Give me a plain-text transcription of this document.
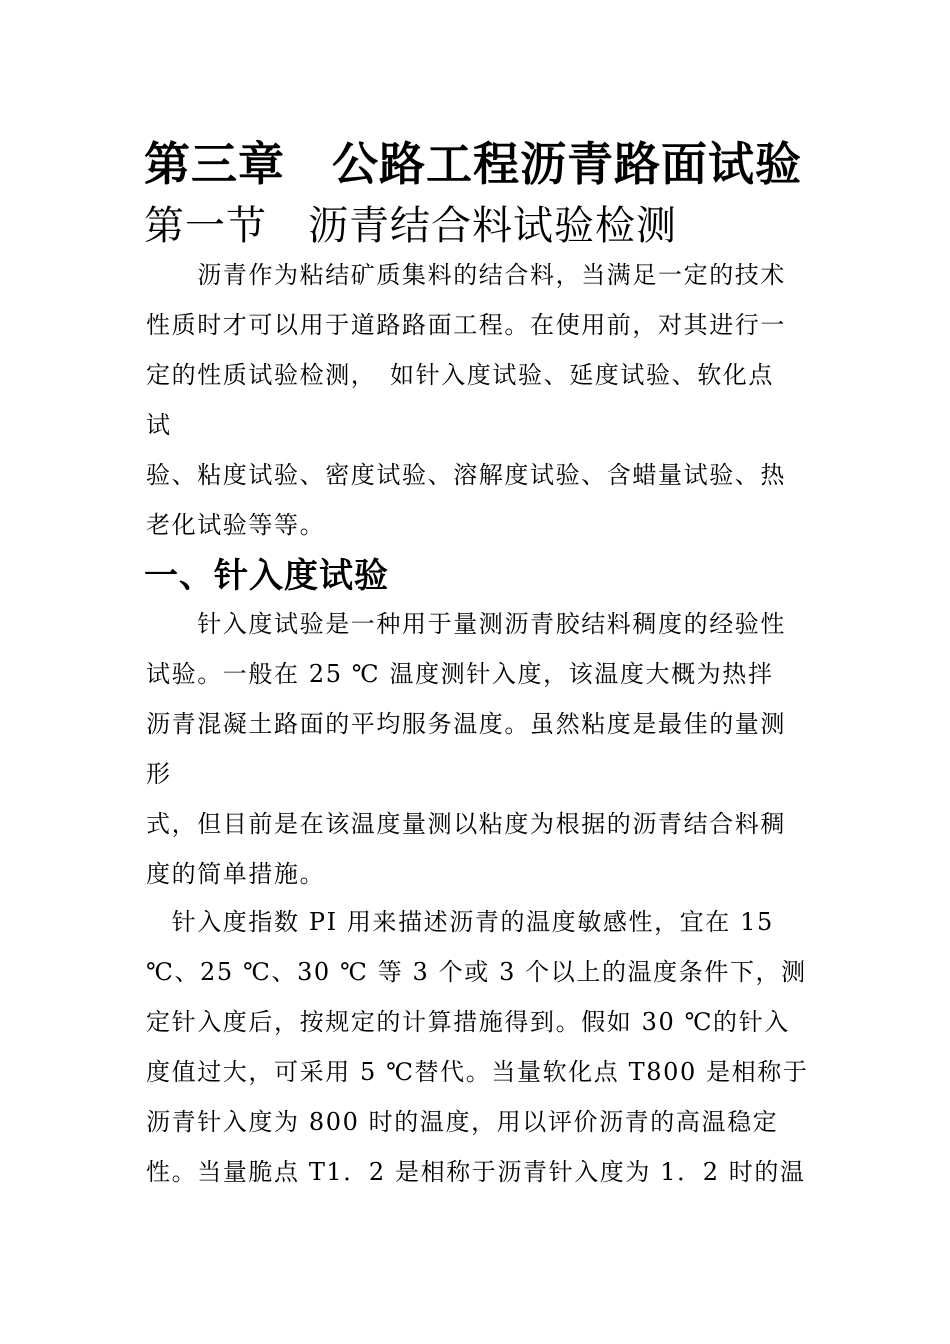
第三章　公路工程沥青路面试验
第一节　沥青结合料试验检测
　　沥青作为粘结矿质集料的结合料，当满足一定的技术
性质时才可以用于道路路面工程。在使用前，对其进行一
定的性质试验检测，　如针入度试验、延度试验、软化点
试
验、粘度试验、密度试验、溶解度试验、含蜡量试验、热
老化试验等等。
一、针入度试验
　　针入度试验是一种用于量测沥青胶结料稠度的经验性
试验。一般在 25 ℃ 温度测针入度，该温度大概为热拌
沥青混凝土路面的平均服务温度。虽然粘度是最佳的量测
形
式，但目前是在该温度量测以粘度为根据的沥青结合料稠
度的简单措施。
　针入度指数 PI 用来描述沥青的温度敏感性，宜在 15
℃、25 ℃、30 ℃ 等 3 个或 3 个以上的温度条件下，测
定针入度后，按规定的计算措施得到。假如 30 ℃的针入
度值过大，可采用 5 ℃替代。当量软化点 T800 是相称于
沥青针入度为 800 时的温度，用以评价沥青的高温稳定
性。当量脆点 T1．2 是相称于沥青针入度为 1．2 时的温
